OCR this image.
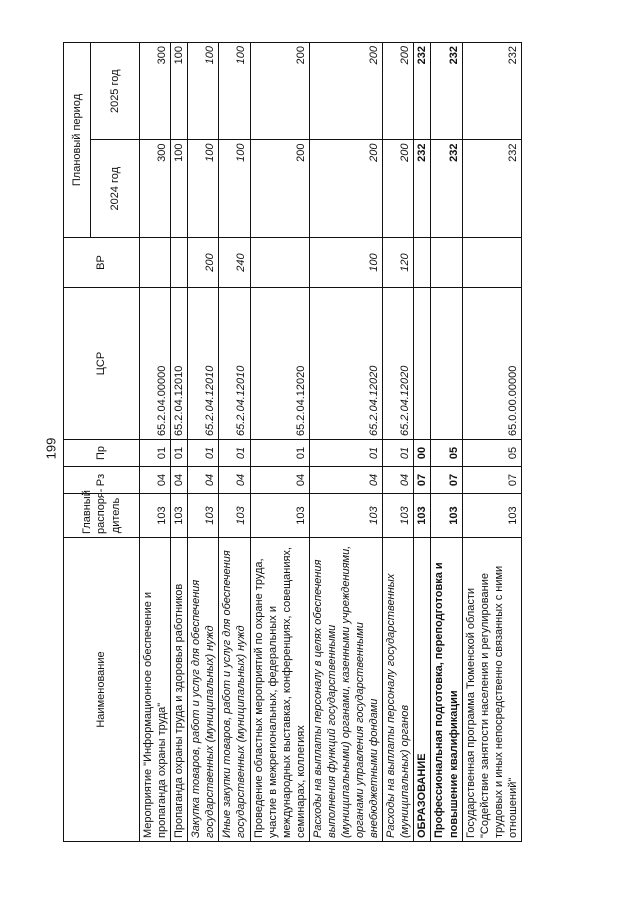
199
Наименование	Главный распоря-дитель	Рз	Пр	ЦСР	ВР	Плановый период	
						2024 год	2025 год
Мероприятие "Информационное обеспечение и пропаганда охраны труда"	103	04	01	65.2.04.00000		300	300
Пропаганда охраны труда и здоровья работников	103	04	01	65.2.04.12010		100	100
Закупка товаров, работ и услуг для обеспечения государственных (муниципальных) нужд	103	04	01	65.2.04.12010	200	100	100
Иные закупки товаров, работ и услуг для обеспечения государственных (муниципальных) нужд	103	04	01	65.2.04.12010	240	100	100
Проведение областных мероприятий по охране труда, участие в межрегиональных, федеральных и международных выставках, конференциях, совещаниях, семинарах, коллегиях	103	04	01	65.2.04.12020		200	200
Расходы на выплаты персоналу в целях обеспечения выполнения функций государственными (муниципальными) органами, казенными учреждениями, органами управления государственными внебюджетными фондами	103	04	01	65.2.04.12020	100	200	200
Расходы на выплаты персоналу государственных (муниципальных) органов	103	04	01	65.2.04.12020	120	200	200
ОБРАЗОВАНИЕ	103	07	00			232	232
Профессиональная подготовка, переподготовка и повышение квалификации	103	07	05			232	232
Государственная программа Тюменской области "Содействие занятости населения и регулирование трудовых и иных непосредственно связанных с ними отношений"	103	07	05	65.0.00.00000		232	232
